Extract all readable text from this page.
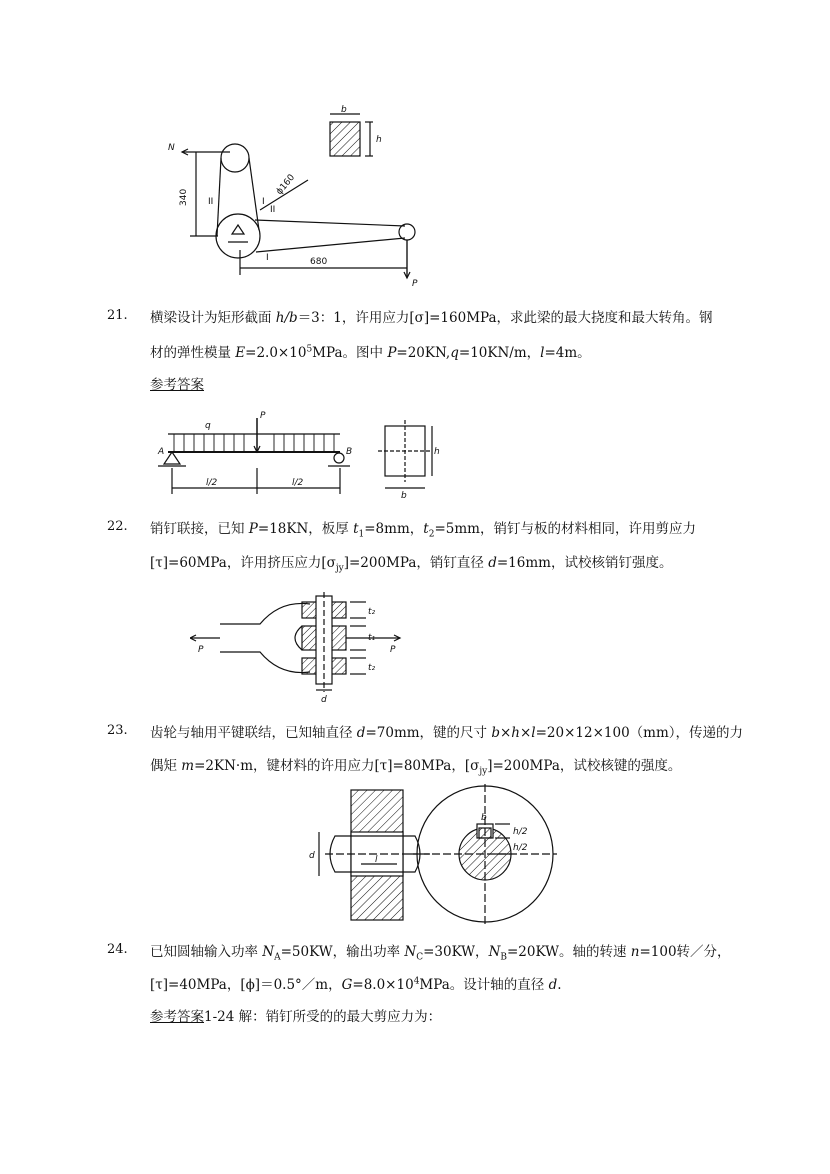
N
340
ϕ160
II	I
II
I	680
P
b
h
21. 横梁设计为矩形截面 h/b＝3：1，许用应力[σ]=160MPa，求此梁的最大挠度和最大转角。钢
材的弹性模量 $E=2.0\times 10^5MPa$。图中 P=20KN,q=10KN/m，l=4m。
参考答案
q
P
A	B
l/2	l/2
h
b
22. 销钉联接，已知 P=18KN，板厚 $t_1=8mm$，$t_2=5mm$，销钉与板的材料相同，许用剪应力
[τ]=60MPa，许用挤压应力$[\sigma_{jy}]=200MPa$，销钉直径 d=16mm，试校核销钉强度。
P	P
t₂
t₁
t₂
d
23. 齿轮与轴用平键联结，已知轴直径 d=70mm，键的尺寸 b×h×l=20×12×100（mm），传递的力
偶矩 m=2KN·m，键材料的许用应力[τ]=80MPa，$[\sigma_{jy}]=200MPa$，试校核键的强度。
d	l
b
h/2
h/2
24. 已知圆轴输入功率 $N_A=50KW$，输出功率 $N_C=30KW$，$N_B=20KW$。轴的转速 n=100转／分，
[τ]=40MPa，[ϕ]＝0.5°／m，$G=8.0\times 10^4MPa$。设计轴的直径 d.
参考答案1-24 解：销钉所受的的最大剪应力为：
